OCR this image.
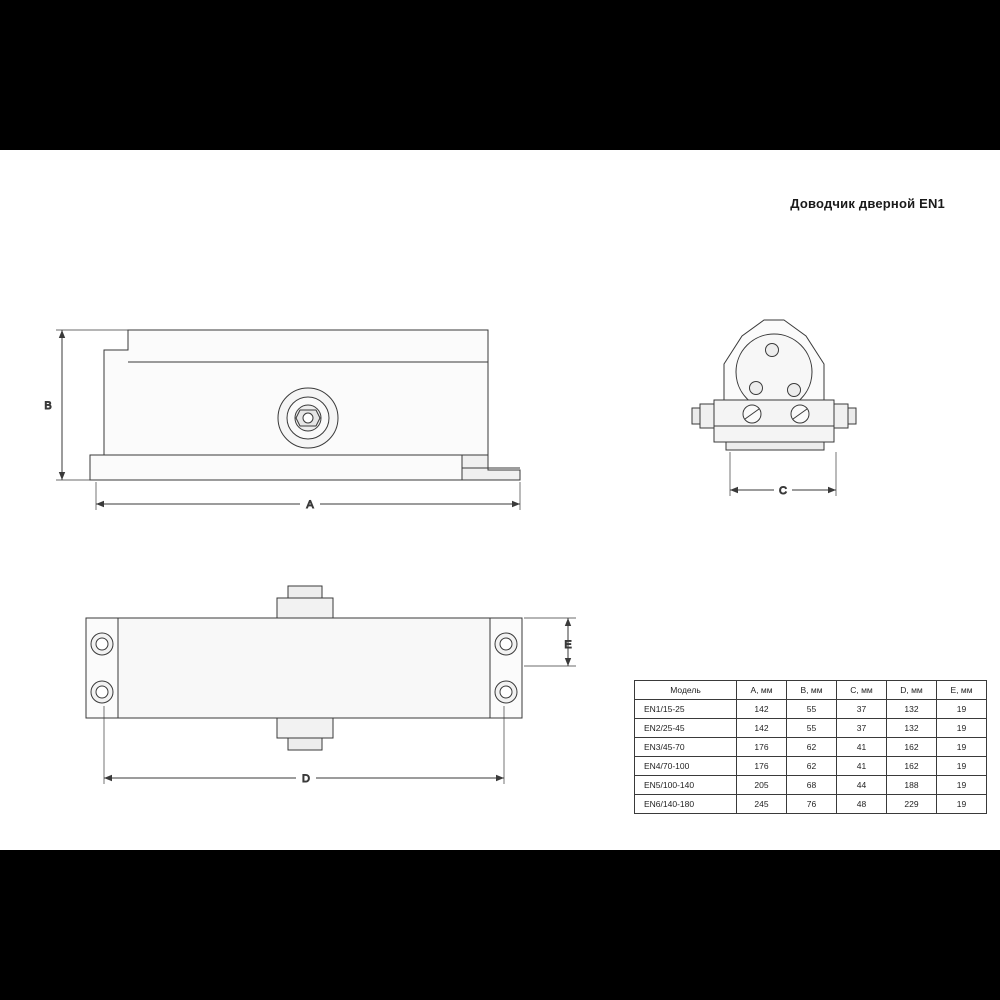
Доводчик дверной EN1
B
A
C
E
D
Модель	A, мм	B, мм	C, мм	D, мм	E, мм
EN1/15-25	142	55	37	132	19
EN2/25-45	142	55	37	132	19
EN3/45-70	176	62	41	162	19
EN4/70-100	176	62	41	162	19
EN5/100-140	205	68	44	188	19
EN6/140-180	245	76	48	229	19
